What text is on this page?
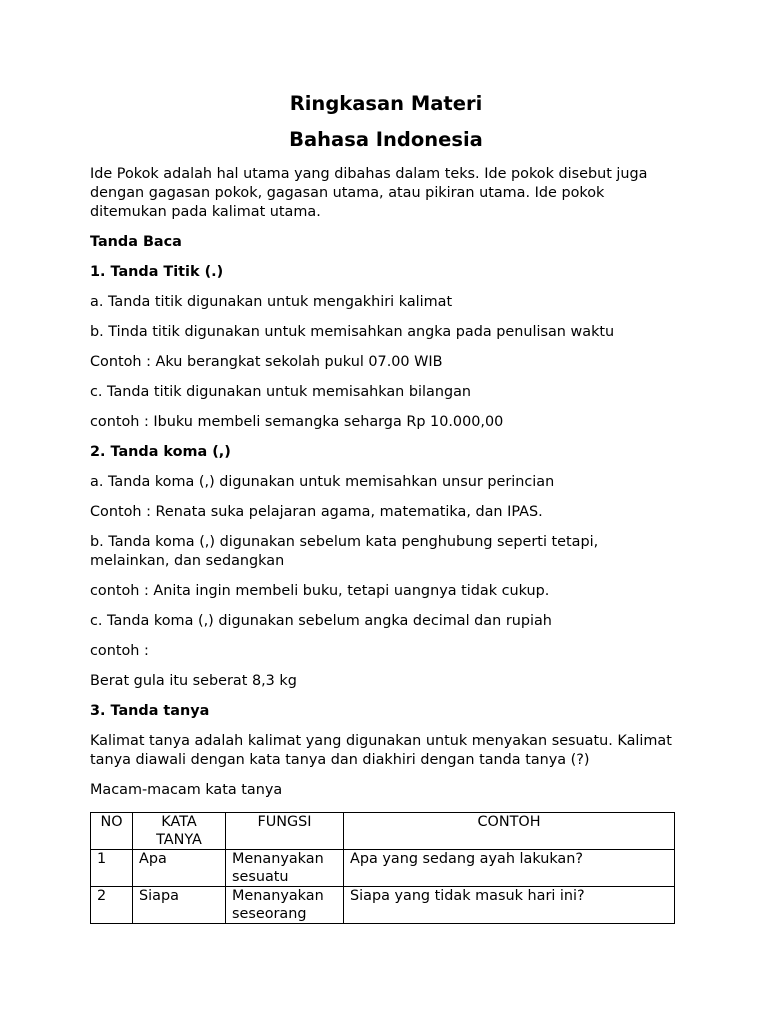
Ringkasan Materi
Bahasa Indonesia

Ide Pokok adalah hal utama yang dibahas dalam teks. Ide pokok disebut juga dengan gagasan pokok, gagasan utama, atau pikiran utama. Ide pokok ditemukan pada kalimat utama.

Tanda Baca

1. Tanda Titik (.)

a. Tanda titik digunakan untuk mengakhiri kalimat

b. Tinda titik digunakan untuk memisahkan angka pada penulisan waktu

Contoh : Aku berangkat sekolah pukul 07.00 WIB

c. Tanda titik digunakan untuk memisahkan bilangan

contoh : Ibuku membeli semangka seharga Rp 10.000,00

2. Tanda koma (,)

a. Tanda koma (,) digunakan untuk memisahkan unsur perincian

Contoh : Renata suka pelajaran agama, matematika, dan IPAS.

b. Tanda koma (,) digunakan sebelum kata penghubung seperti tetapi, melainkan, dan sedangkan

contoh : Anita ingin membeli buku, tetapi uangnya tidak cukup.

c. Tanda koma (,) digunakan sebelum angka decimal dan rupiah

contoh :

Berat gula itu seberat 8,3 kg

3. Tanda tanya

Kalimat tanya adalah kalimat yang digunakan untuk menyakan sesuatu. Kalimat tanya diawali dengan kata tanya dan diakhiri dengan tanda tanya (?)

Macam-macam kata tanya

NO	KATA TANYA	FUNGSI	CONTOH
1	Apa	Menanyakan sesuatu	Apa yang sedang ayah lakukan?
2	Siapa	Menanyakan seseorang	Siapa yang tidak masuk hari ini?
